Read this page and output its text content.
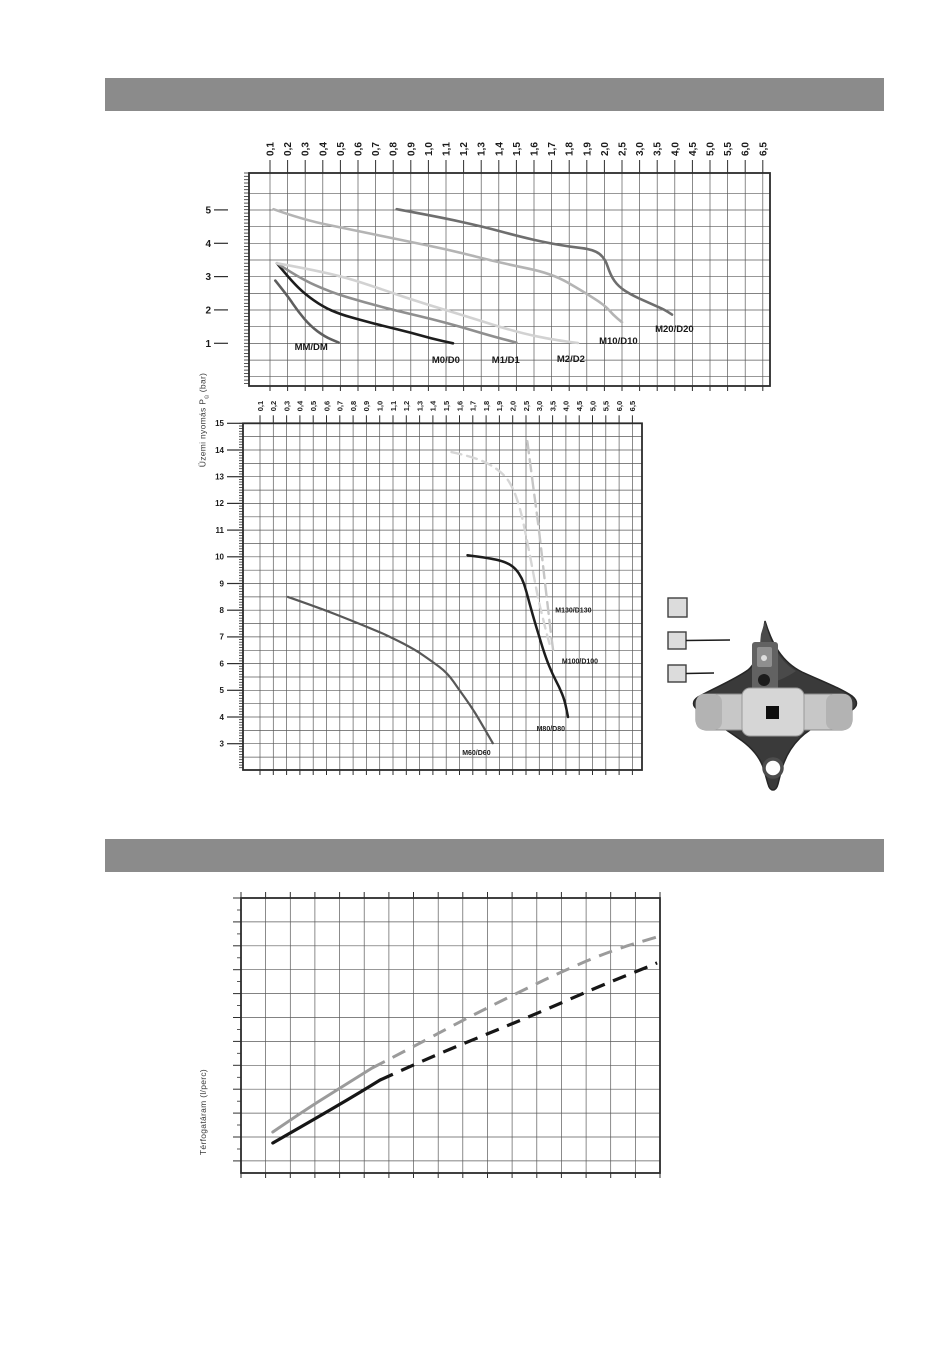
Üzemi nyomás $P_ü$ (bar)
Térfogatáram (l/perc)
0,1 0,2 0,3 0,4 0,5 0,6 0,7 0,8 0,9 1,0 1,1 1,2 1,3 1,4 1,5 1,6 1,7 1,8 1,9 2,0 2,5 3,0 3,5 4,0 4,5 5,0 5,5 6,0 6,5
5
4
3
2
1	MM/DM
M0/D0	M1/D1	M2/D2
M10/D10
M20/D20
0,1 0,2 0,3 0,4 0,5 0,6 0,7 0,8 0,9 1,0 1,1 1,2 1,3 1,4 1,5 1,6 1,7 1,8 1,9 2,0 2,5 3,0 3,5 4,0 4,5 5,0 5,5 6,0 6,5
15
14
13
12
11
10
9
8
7
6
5
4
3
M60/D60
M80/D80
M100/D100
M130/D130
